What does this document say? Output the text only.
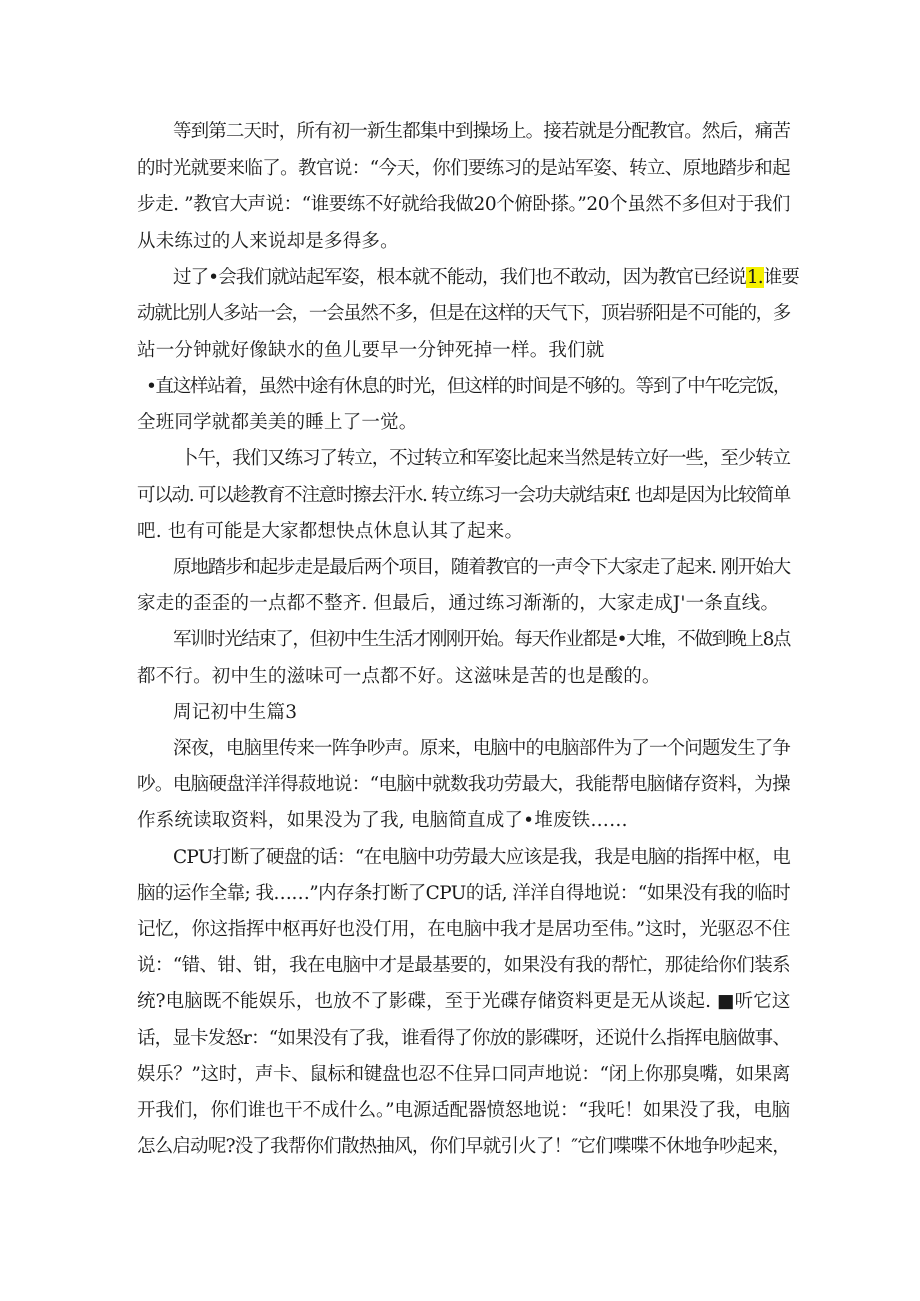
等到第二天时，所有初一新生都集中到操场上。接若就是分配教官。然后，痛苦
的时光就要来临了。教官说：“今天，你们要练习的是站军姿、转立、原地踏步和起
步走. ”教官大声说：“谁要练不好就给我做20个俯卧搽。”20个虽然不多但对于我们
从未练过的人来说却是多得多。
过了•会我们就站起军姿，根本就不能动，我们也不敢动，因为教官已经说1.谁要
动就比别人多站一会，一会虽然不多，但是在这样的天气下，顶岩骄阳是不可能的，多
站一分钟就好像缺水的鱼儿要早一分钟死掉一样。我们就
•直这样站着，虽然中途有休息的时光，但这样的时间是不够的。等到了中午吃完饭，
全班同学就都美美的睡上了一觉。
卜午，我们又练习了转立，不过转立和军姿比起来当然是转立好一些，至少转立
可以动. 可以趁教育不注意时擦去汗水. 转立练习一会功夫就结束f. 也却是因为比较简单
吧. 也有可能是大家都想快点休息认其了起来。
原地踏步和起步走是最后两个项目，随着教官的一声令下大家走了起来. 刚开始大
家走的歪歪的一点都不整齐. 但最后，通过练习渐渐的，大家走成J'一条直线。
军训时光结束了，但初中生生活才刚刚开始。每天作业都是•大堆，不做到晚上8点
都不行。初中生的滋味可一点都不好。这滋味是苦的也是酸的。
周记初中生篇3
深夜，电脑里传来一阵争吵声。原来，电脑中的电脑部件为了一个问题发生了争
吵。电脑硬盘洋洋得菽地说：“电脑中就数我功劳最大，我能帮电脑储存资料，为操
作系统读取资料，如果没为了我, 电脑简直成了•堆废铁……
CPU打断了硬盘的话：“在电脑中功劳最大应该是我，我是电脑的指挥中枢，电
脑的运作全靠; 我……”内存条打断了CPU的话, 洋洋自得地说：“如果没有我的临时
记忆，你这指挥中枢再好也没仃用，在电脑中我才是居功至伟。”这时，光驱忍不住
说：“错、钳、钳，我在电脑中才是最基要的，如果没有我的帮忙，那徒给你们装系
统?电脑既不能娱乐，也放不了影碟，至于光碟存储资料更是无从谈起. ■听它这
话，显卡发怒r：“如果没有了我，谁看得了你放的影碟呀，还说什么指挥电脑做事、
娱乐？”这时，声卡、鼠标和键盘也忍不住异口同声地说：“闭上你那臭嘴，如果离
开我们，你们谁也干不成什么。”电源适配器愤怒地说：“我吒！如果没了我，电脑
怎么启动呢?没了我帮你们散热抽风，你们早就引火了！″它们喋喋不休地争吵起来，
